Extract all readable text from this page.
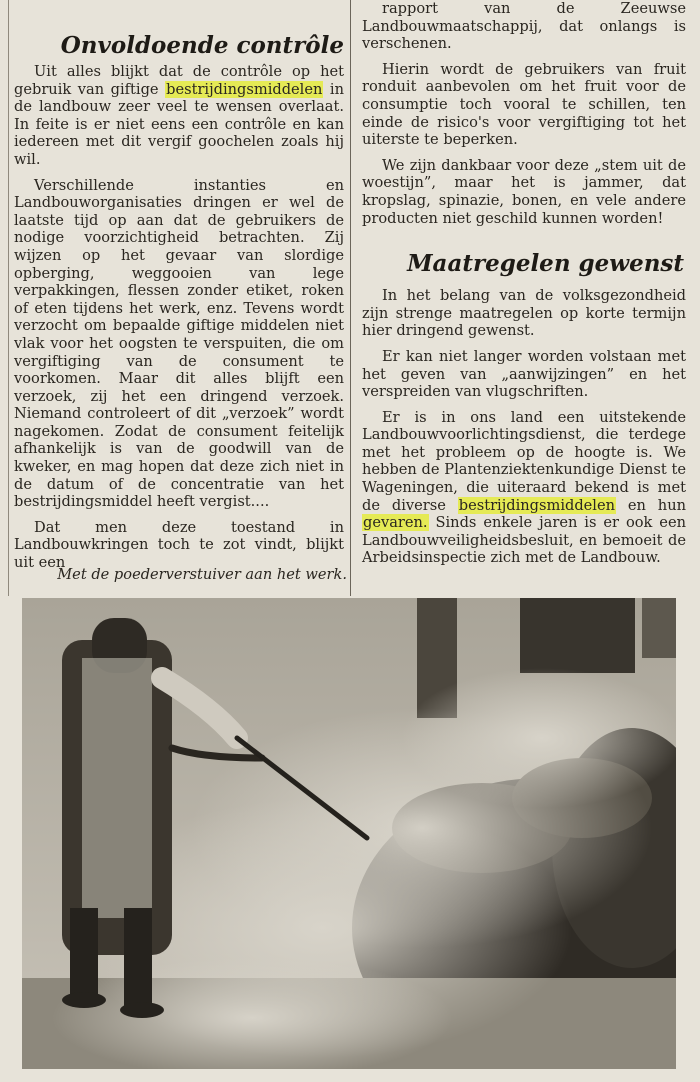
Onvoldoende contrôle

Uit alles blijkt dat de contrôle op het gebruik van giftige bestrijdingsmiddelen in de landbouw zeer veel te wensen overlaat. In feite is er niet eens een contrôle en kan iedereen met dit vergif goochelen zoals hij wil.

Verschillende instanties en Landbouworganisaties dringen er wel de laatste tijd op aan dat de gebruikers de nodige voorzichtigheid betrachten. Zij wijzen op het gevaar van slordige opberging, weggooien van lege verpakkingen, flessen zonder etiket, roken of eten tijdens het werk, enz. Tevens wordt verzocht om bepaalde giftige middelen niet vlak voor het oogsten te verspuiten, die om vergiftiging van de consument te voorkomen. Maar dit alles blijft een verzoek, zij het een dringend verzoek. Niemand controleert of dit „verzoek” wordt nagekomen. Zodat de consument feitelijk afhankelijk is van de goodwill van de kweker, en mag hopen dat deze zich niet in de datum of de concentratie van het bestrijdingsmiddel heeft vergist....

Dat men deze toestand in Landbouwkringen toch te zot vindt, blijkt uit een

rapport van de Zeeuwse Landbouwmaatschappij, dat onlangs is verschenen.

Hierin wordt de gebruikers van fruit ronduit aanbevolen om het fruit voor de consumptie toch vooral te schillen, ten einde de risico's voor vergiftiging tot het uiterste te beperken.

We zijn dankbaar voor deze „stem uit de woestijn”, maar het is jammer, dat kropslag, spinazie, bonen, en vele andere producten niet geschild kunnen worden!

Maatregelen gewenst

In het belang van de volksgezondheid zijn strenge maatregelen op korte termijn hier dringend gewenst.

Er kan niet langer worden volstaan met het geven van „aanwijzingen” en het verspreiden van vlugschriften.

Er is in ons land een uitstekende Landbouwvoorlichtingsdienst, die terdege met het probleem op de hoogte is. We hebben de Plantenziektenkundige Dienst te Wageningen, die uiteraard bekend is met de diverse bestrijdingsmiddelen en hun gevaren. Sinds enkele jaren is er ook een Landbouwveiligheidsbesluit, en bemoeit de Arbeidsinspectie zich met de Landbouw.

Met de poederverstuiver aan het werk.
